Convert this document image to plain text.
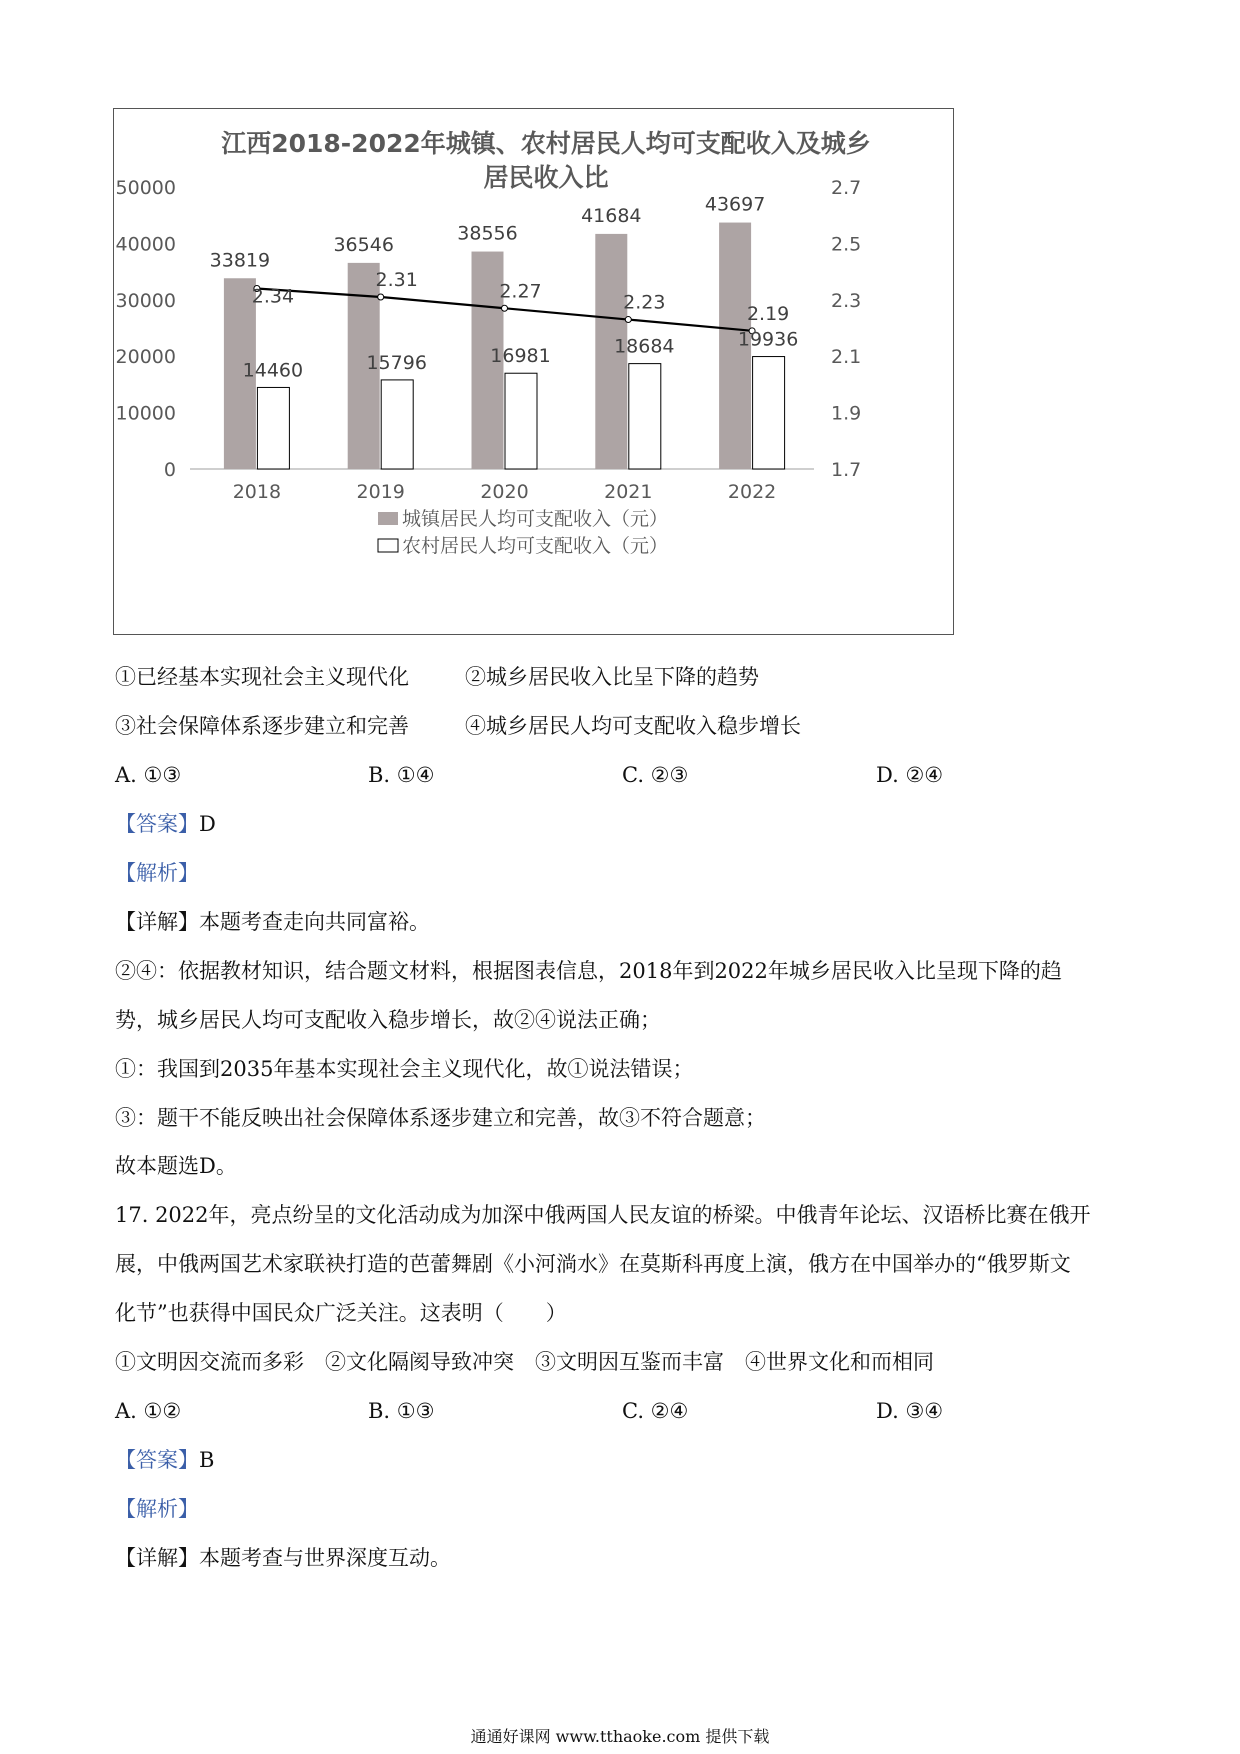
江西2018-2022年城镇、农村居民人均可支配收入及城乡
居民收入比
0
10000
20000
30000
40000
50000
1.7
1.9
2.1
2.3
2.5
2.7
2018
33819
14460
2019
36546
15796
2020
38556
16981
2021
41684
18684
2022
43697
19936
2.34
2.31
2.27
2.23
2.19
城镇居民人均可支配收入（元）
农村居民人均可支配收入（元）
①已经基本实现社会主义现代化	②城乡居民收入比呈下降的趋势
③社会保障体系逐步建立和完善	④城乡居民人均可支配收入稳步增长
A. ①③	B. ①④	C. ②③	D. ②④
【答案】D
【解析】
【详解】本题考查走向共同富裕。
②④：依据教材知识，结合题文材料，根据图表信息，2018年到2022年城乡居民收入比呈现下降的趋
势，城乡居民人均可支配收入稳步增长，故②④说法正确；
①：我国到2035年基本实现社会主义现代化，故①说法错误；
③：题干不能反映出社会保障体系逐步建立和完善，故③不符合题意；
故本题选D。
17. 2022年，亮点纷呈的文化活动成为加深中俄两国人民友谊的桥梁。中俄青年论坛、汉语桥比赛在俄开
展，中俄两国艺术家联袂打造的芭蕾舞剧《小河淌水》在莫斯科再度上演，俄方在中国举办的“俄罗斯文
化节”也获得中国民众广泛关注。这表明（　　）
①文明因交流而多彩　②文化隔阂导致冲突　③文明因互鉴而丰富　④世界文化和而相同
A. ①②	B. ①③	C. ②④	D. ③④
【答案】B
【解析】
【详解】本题考查与世界深度互动。
通通好课网 www.tthaoke.com 提供下载
